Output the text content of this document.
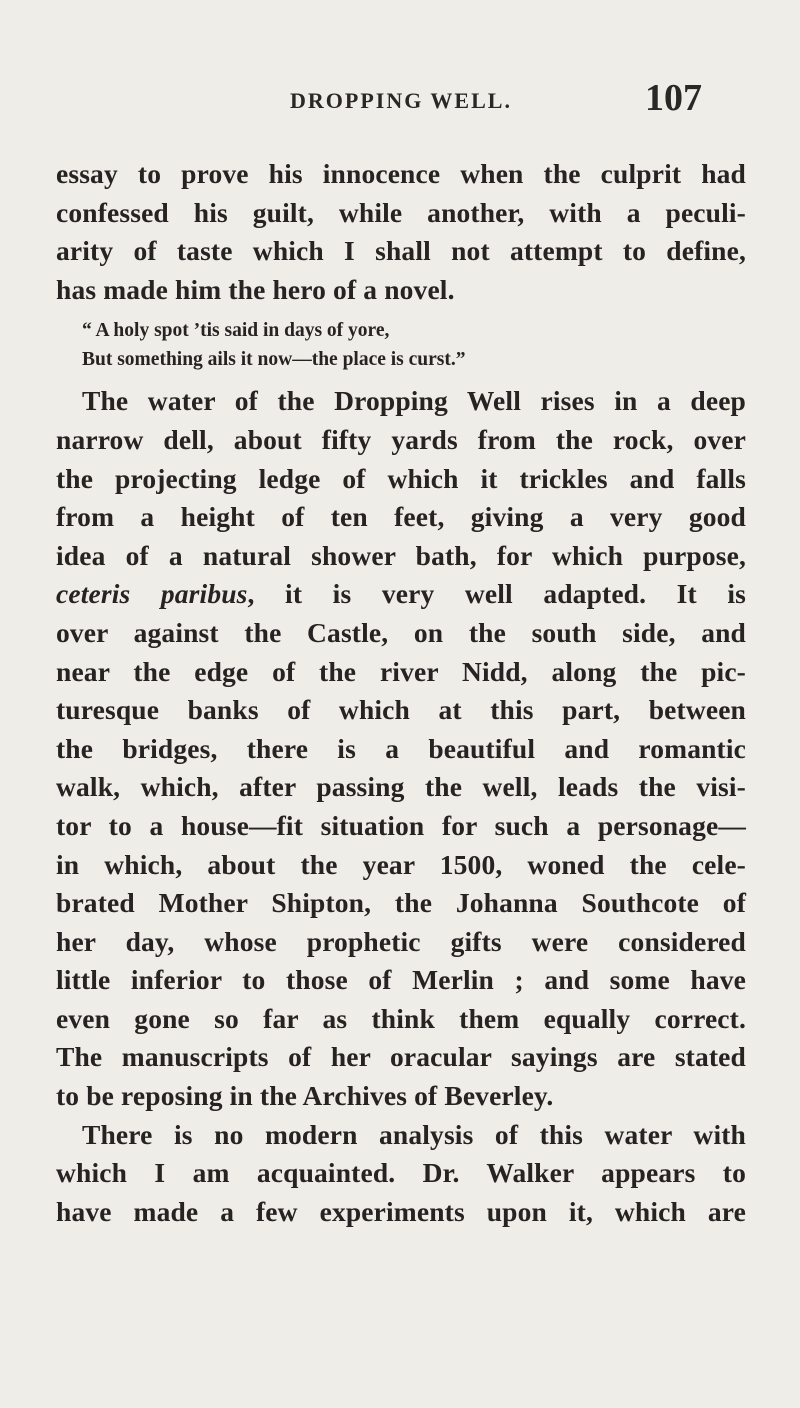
DROPPING WELL.	107
essay to prove his innocence when the culprit had
confessed his guilt, while another, with a peculi-
arity of taste which I shall not attempt to define,
has made him the hero of a novel.
“ A holy spot ’tis said in days of yore,
But something ails it now—the place is curst.”
The water of the Dropping Well rises in a deep
narrow dell, about fifty yards from the rock, over
the projecting ledge of which it trickles and falls
from a height of ten feet, giving a very good
idea of a natural shower bath, for which purpose,
ceteris paribus, it is very well adapted. It is
over against the Castle, on the south side, and
near the edge of the river Nidd, along the pic-
turesque banks of which at this part, between
the bridges, there is a beautiful and romantic
walk, which, after passing the well, leads the visi-
tor to a house—fit situation for such a personage—
in which, about the year 1500, woned the cele-
brated Mother Shipton, the Johanna Southcote of
her day, whose prophetic gifts were considered
little inferior to those of Merlin ; and some have
even gone so far as think them equally correct.
The manuscripts of her oracular sayings are stated
to be reposing in the Archives of Beverley.
There is no modern analysis of this water with
which I am acquainted. Dr. Walker appears to
have made a few experiments upon it, which are
